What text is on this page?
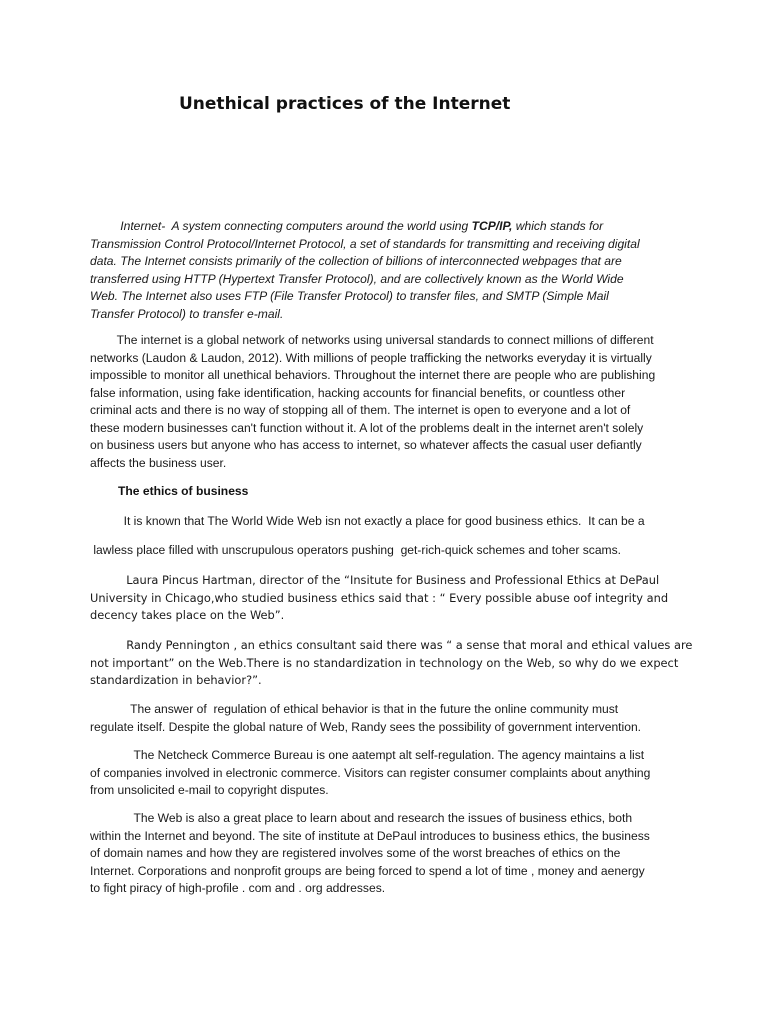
Unethical practices of the Internet
Internet-  A system connecting computers around the world using TCP/IP, which stands for
Transmission Control Protocol/Internet Protocol, a set of standards for transmitting and receiving digital
data. The Internet consists primarily of the collection of billions of interconnected webpages that are
transferred using HTTP (Hypertext Transfer Protocol), and are collectively known as the World Wide
Web. The Internet also uses FTP (File Transfer Protocol) to transfer files, and SMTP (Simple Mail
Transfer Protocol) to transfer e-mail.
The internet is a global network of networks using universal standards to connect millions of different
networks (Laudon & Laudon, 2012). With millions of people trafficking the networks everyday it is virtually
impossible to monitor all unethical behaviors. Throughout the internet there are people who are publishing
false information, using fake identification, hacking accounts for financial benefits, or countless other
criminal acts and there is no way of stopping all of them. The internet is open to everyone and a lot of
these modern businesses can't function without it. A lot of the problems dealt in the internet aren't solely
on business users but anyone who has access to internet, so whatever affects the casual user defiantly
affects the business user.
The ethics of business
It is known that The World Wide Web isn not exactly a place for good business ethics.  It can be a
lawless place filled with unscrupulous operators pushing  get-rich-quick schemes and toher scams.
Laura Pincus Hartman, director of the “Insitute for Business and Professional Ethics at DePaul
University in Chicago,who studied business ethics said that : “ Every possible abuse oof integrity and
decency takes place on the Web”.
Randy Pennington , an ethics consultant said there was “ a sense that moral and ethical values are
not important” on the Web.There is no standardization in technology on the Web, so why do we expect
standardization in behavior?”.
The answer of  regulation of ethical behavior is that in the future the online community must
regulate itself. Despite the global nature of Web, Randy sees the possibility of government intervention.
The Netcheck Commerce Bureau is one aatempt alt self-regulation. The agency maintains a list
of companies involved in electronic commerce. Visitors can register consumer complaints about anything
from unsolicited e-mail to copyright disputes.
The Web is also a great place to learn about and research the issues of business ethics, both
within the Internet and beyond. The site of institute at DePaul introduces to business ethics, the business
of domain names and how they are registered involves some of the worst breaches of ethics on the
Internet. Corporations and nonprofit groups are being forced to spend a lot of time , money and aenergy
to fight piracy of high-profile . com and . org addresses.
